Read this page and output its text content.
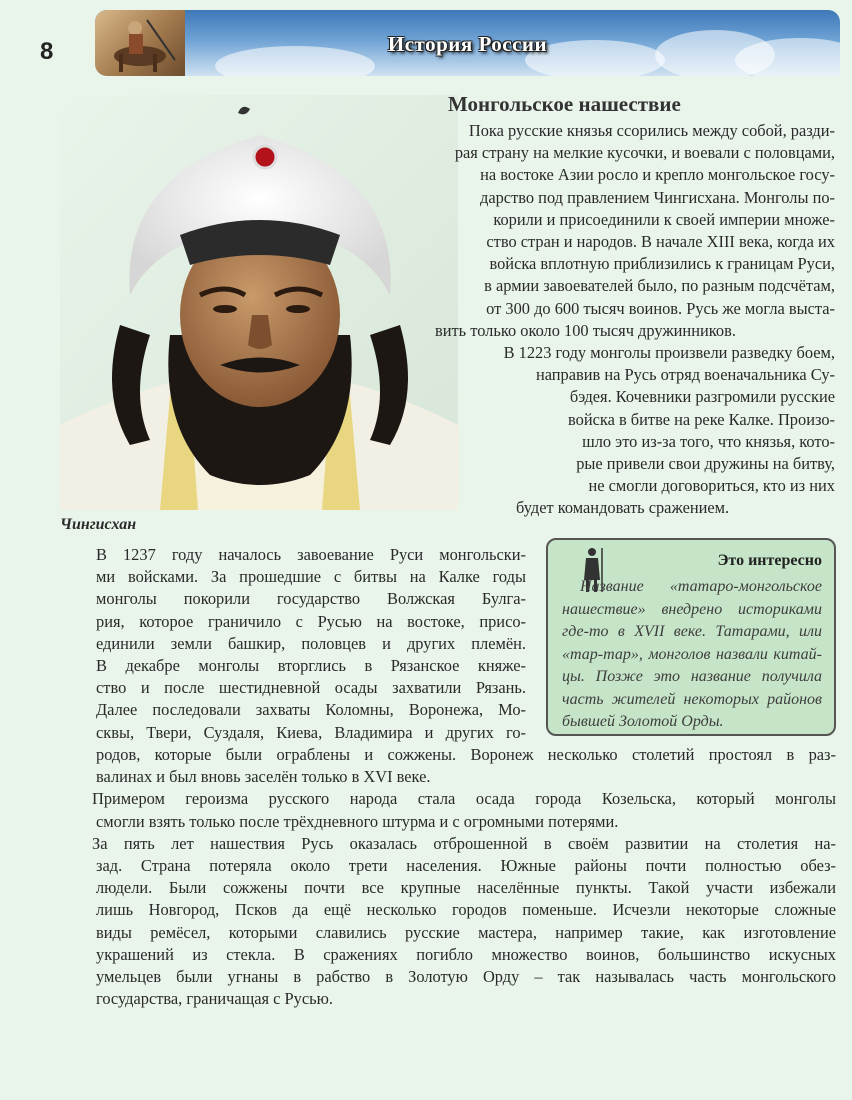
8	История России
Чингисхан
Монгольское нашествие

Пока русские князья ссорились между собой, разди-

рая страну на мелкие кусочки, и воевали с половцами,

на востоке Азии росло и крепло монгольское госу-

дарство под правлением Чингисхана. Монголы по-

корили и присоединили к своей империи множе-

ство стран и народов. В начале XIII века, когда их

войска вплотную приблизились к границам Руси,

в армии завоевателей было, по разным подсчётам,

от 300 до 600 тысяч воинов. Русь же могла выста-

вить только около 100 тысяч дружинников.

В 1223 году монголы произвели разведку боем,

направив на Русь отряд военачальника Су-

бэдея. Кочевники разгромили русские

войска в битве на реке Калке. Произо-

шло это из-за того, что князья, кото-

рые привели свои дружины на битву,

не смогли договориться, кто из них

будет командовать сражением.

В 1237 году началось завоевание Руси монгольски-

ми войсками. За прошедшие с битвы на Калке годы

монголы покорили государство Волжская Булга-

рия, которое граничило с Русью на востоке, присо-

единили земли башкир, половцев и других племён.

В декабре монголы вторглись в Рязанское княже-

ство и после шестидневной осады захватили Рязань.

Далее последовали захваты Коломны, Воронежа, Мо-

сквы, Твери, Суздаля, Киева, Владимира и других го-

родов, которые были ограблены и сожжены. Воронеж несколько столетий простоял в раз-

валинах и был вновь заселён только в XVI веке.

Примером героизма русского народа стала осада города Козельска, который монголы

смогли взять только после трёхдневного штурма и с огромными потерями.

За пять лет нашествия Русь оказалась отброшенной в своём развитии на столетия на-

зад. Страна потеряла около трети населения. Южные районы почти полностью обез-

людели. Были сожжены почти все крупные населённые пункты. Такой участи избежали

лишь Новгород, Псков да ещё несколько городов поменьше. Исчезли некоторые сложные

виды ремёсел, которыми славились русские мастера, например такие, как изготовление

украшений из стекла. В сражениях погибло множество воинов, большинство искусных

умельцев были угнаны в рабство в Золотую Орду – так называлась часть монгольского

государства, граничащая с Русью.

Это интересно
Название «татаро-монгольское нашествие» внедрено историками где-то в XVII веке. Татарами, или «тар-тар», монголов назвали китайцы. Позже это название получила часть жителей некоторых районов бывшей Золотой Орды.
